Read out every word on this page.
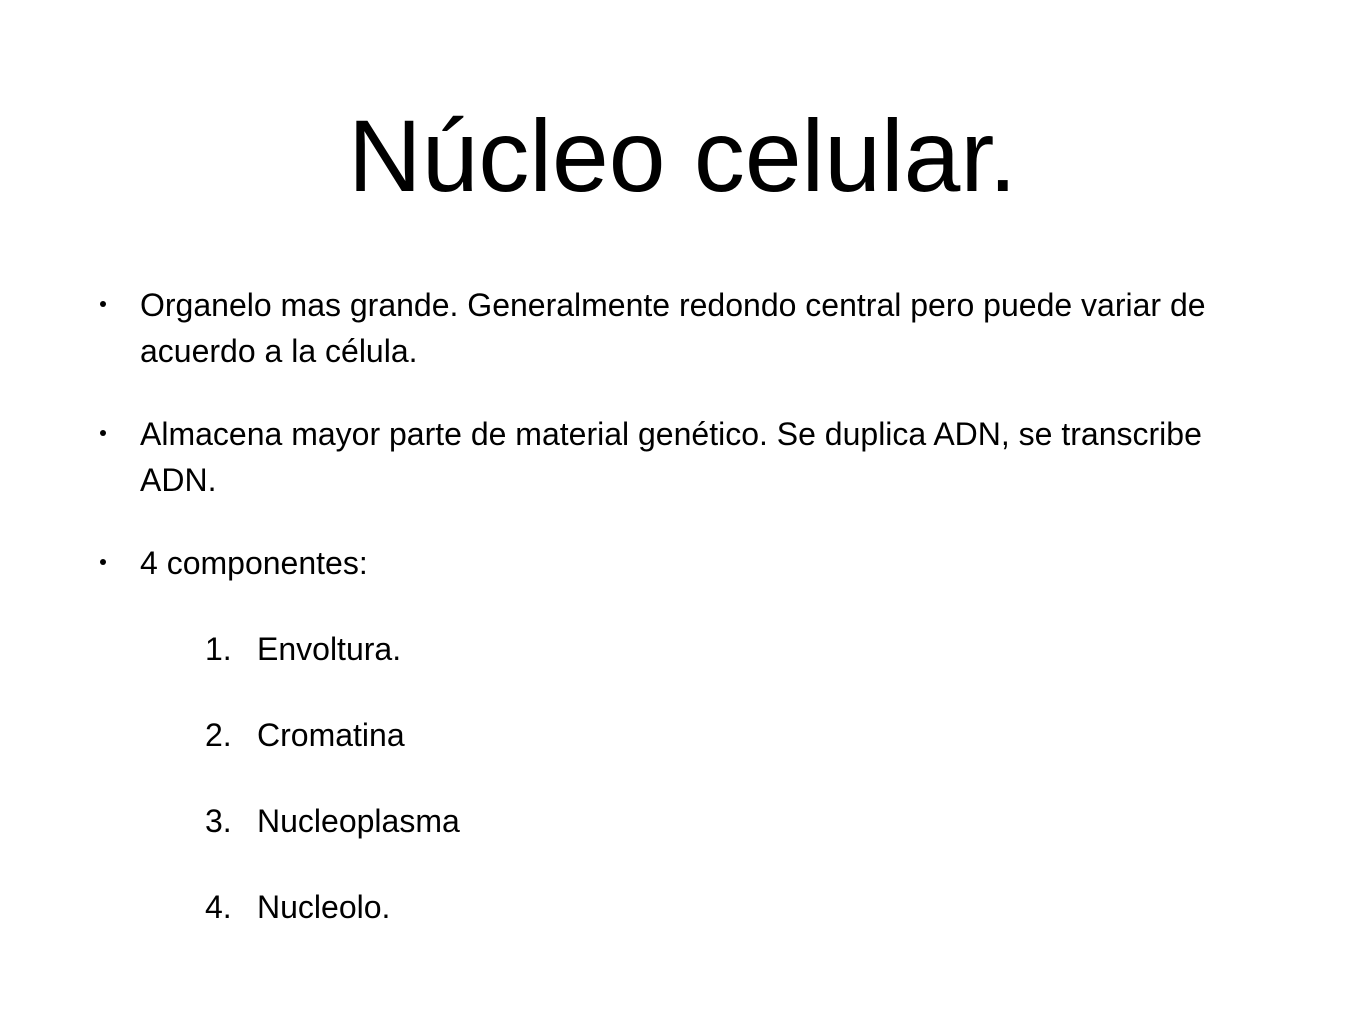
Núcleo celular.
Organelo mas grande. Generalmente redondo central pero puede variar de acuerdo a la célula.
Almacena mayor parte de material genético. Se duplica ADN, se transcribe ADN.
4 componentes:
1. Envoltura.
2. Cromatina
3. Nucleoplasma
4. Nucleolo.
